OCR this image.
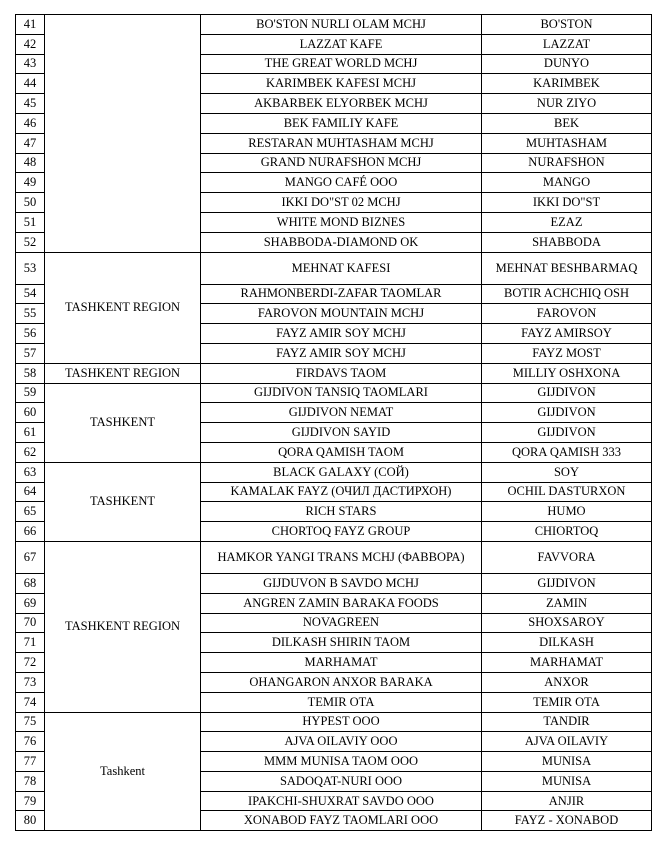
41		BO'STON NURLI OLAM MCHJ	BO'STON
42		LAZZAT KAFE	LAZZAT
43		THE GREAT WORLD MCHJ	DUNYO
44		KARIMBEK KAFESI MCHJ	KARIMBEK
45		AKBARBEK ELYORBEK MCHJ	NUR ZIYO
46		BEK FAMILIY KAFE	BEK
47		RESTARAN MUHTASHAM MCHJ	MUHTASHAM
48		GRAND NURAFSHON MCHJ	NURAFSHON
49		MANGO CAFÉ OOO	MANGO
50		IKKI DO"ST 02 MCHJ	IKKI DO"ST
51		WHITE MOND BIZNES	EZAZ
52		SHABBODA-DIAMOND OK	SHABBODA
53	TASHKENT REGION	MEHNAT KAFESI	MEHNAT BESHBARMAQ
54		RAHMONBERDI-ZAFAR TAOMLAR	BOTIR ACHCHIQ OSH
55		FAROVON MOUNTAIN MCHJ	FAROVON
56		FAYZ AMIR SOY MCHJ	FAYZ AMIRSOY
57		FAYZ AMIR SOY MCHJ	FAYZ MOST
58	TASHKENT REGION	FIRDAVS TAOM	MILLIY OSHXONA
59	TASHKENT	GIJDIVON TANSIQ TAOMLARI	GIJDIVON
60		GIJDIVON NEMAT	GIJDIVON
61		GIJDIVON SAYID	GIJDIVON
62		QORA QAMISH TAOM	QORA QAMISH 333
63	TASHKENT	BLACK GALAXY (СОЙ)	SOY
64		KAMALAK FAYZ (ОЧИЛ ДАСТИРХОН)	OCHIL DASTURXON
65		RICH STARS	HUMO
66		CHORTOQ FAYZ GROUP	CHIORTOQ
67	TASHKENT REGION	HAMKOR YANGI TRANS MCHJ (ФАВВОРА)	FAVVORA
68		GIJDUVON B SAVDO MCHJ	GIJDIVON
69		ANGREN ZAMIN BARAKA FOODS	ZAMIN
70		NOVAGREEN	SHOXSAROY
71		DILKASH SHIRIN TAOM	DILKASH
72		MARHAMAT	MARHAMAT
73		OHANGARON ANXOR BARAKA	ANXOR
74		TEMIR OTA	TEMIR OTA
75	Tashkent	HYPEST OOO	TANDIR
76		AJVA OILAVIY OOO	AJVA OILAVIY
77		MMM MUNISA TAOM OOO	MUNISA
78		SADOQAT-NURI OOO	MUNISA
79		IPAKCHI-SHUXRAT SAVDO OOO	ANJIR
80		XONABOD FAYZ TAOMLARI OOO	FAYZ - XONABOD
